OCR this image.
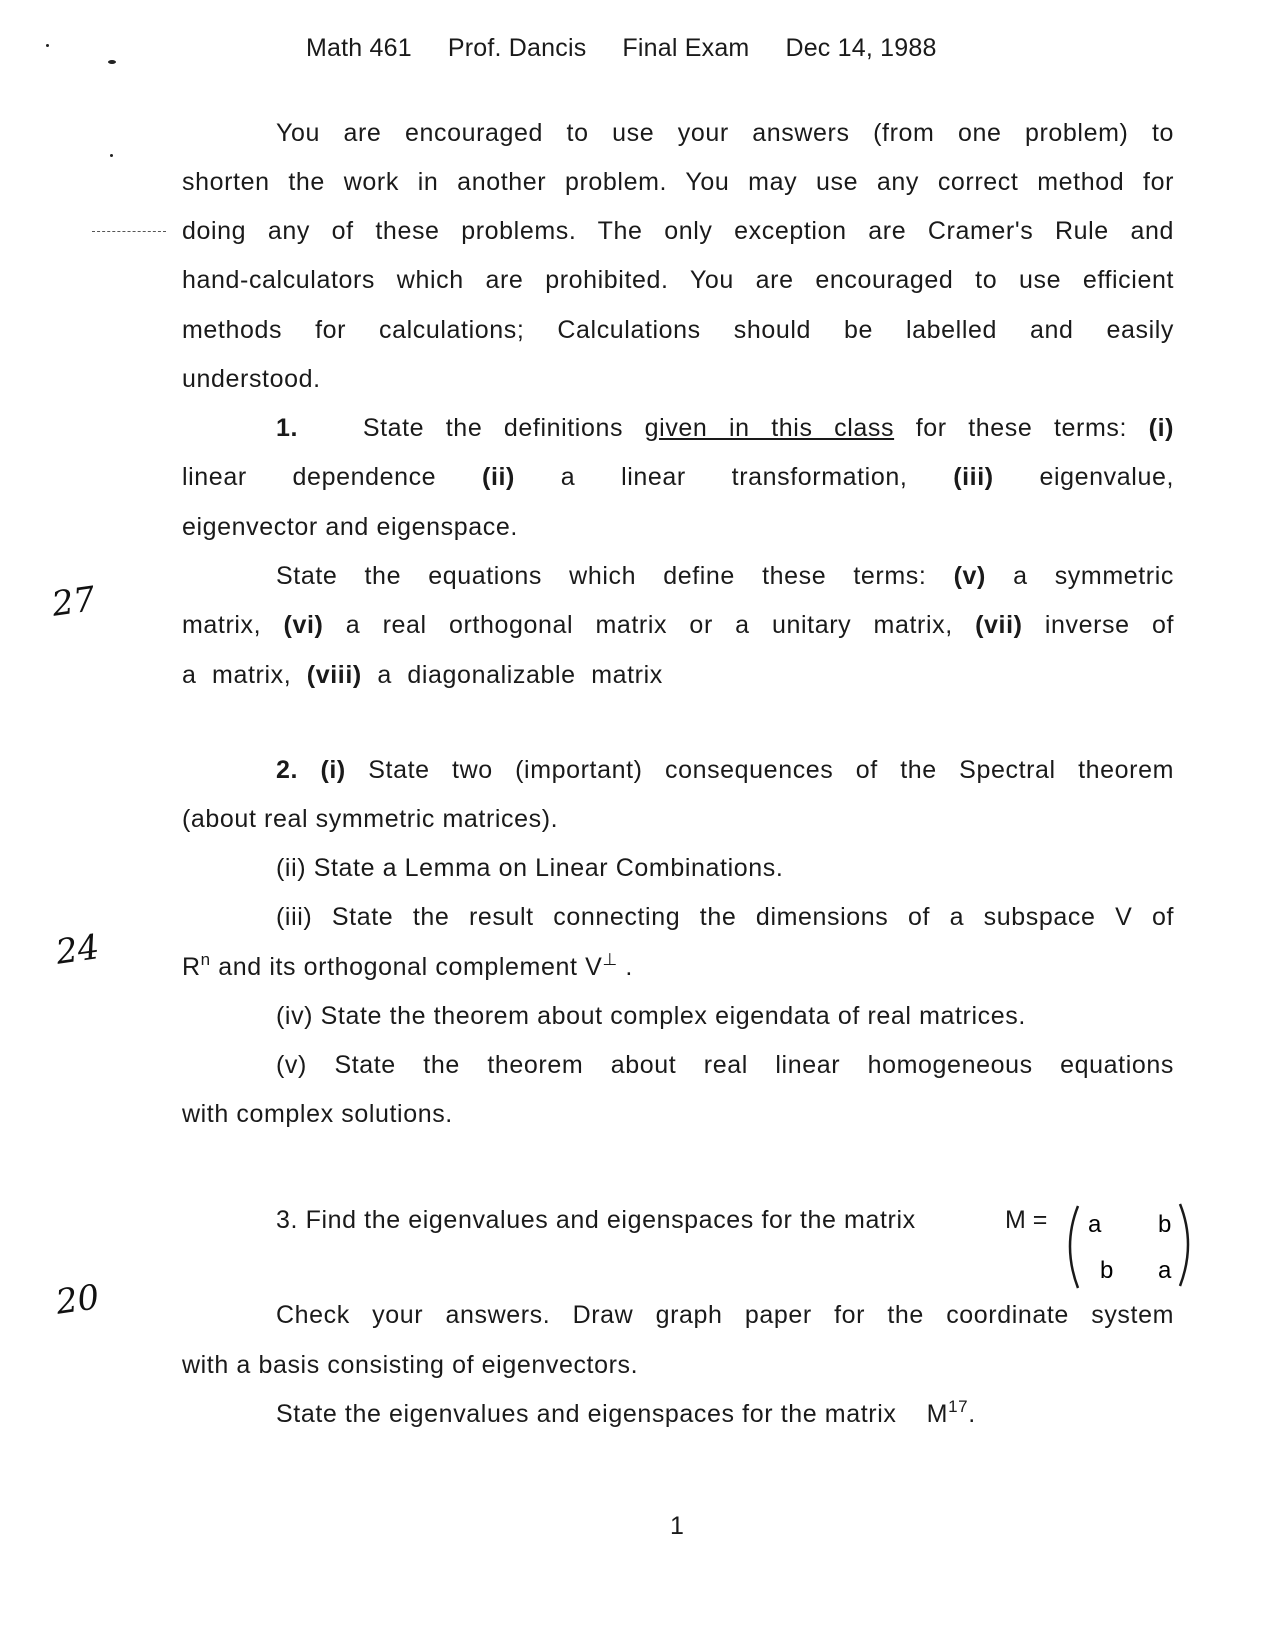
Math 461 Prof. Dancis Final Exam Dec 14, 1988
You are encouraged to use your answers (from one problem) to
shorten the work in another problem. You may use any correct method for
doing any of these problems. The only exception are Cramer's Rule and
hand-calculators which are prohibited. You are encouraged to use efficient
methods for calculations; Calculations should be labelled and easily
understood.
1.	State the definitions given in this class for these terms: (i)
linear dependence (ii) a linear transformation, (iii) eigenvalue,
eigenvector and eigenspace.
State the equations which define these terms: (v) a symmetric
matrix, (vi) a real orthogonal matrix or a unitary matrix, (vii) inverse of
a matrix, (viii) a diagonalizable matrix
2. (i) State two (important) consequences of the Spectral theorem
(about real symmetric matrices).
(ii) State a Lemma on Linear Combinations.
(iii) State the result connecting the dimensions of a subspace V of
$R^n$ and its orthogonal complement V⊥ .
(iv) State the theorem about complex eigendata of real matrices.
(v) State the theorem about real linear homogeneous equations
with complex solutions.
3. Find the eigenvalues and eigenspaces for the matrix	M = a b
b a
Check your answers. Draw graph paper for the coordinate system
with a basis consisting of eigenvectors.
State the eigenvalues and eigenspaces for the matrix $M^{17}$.
27
24
20
1
